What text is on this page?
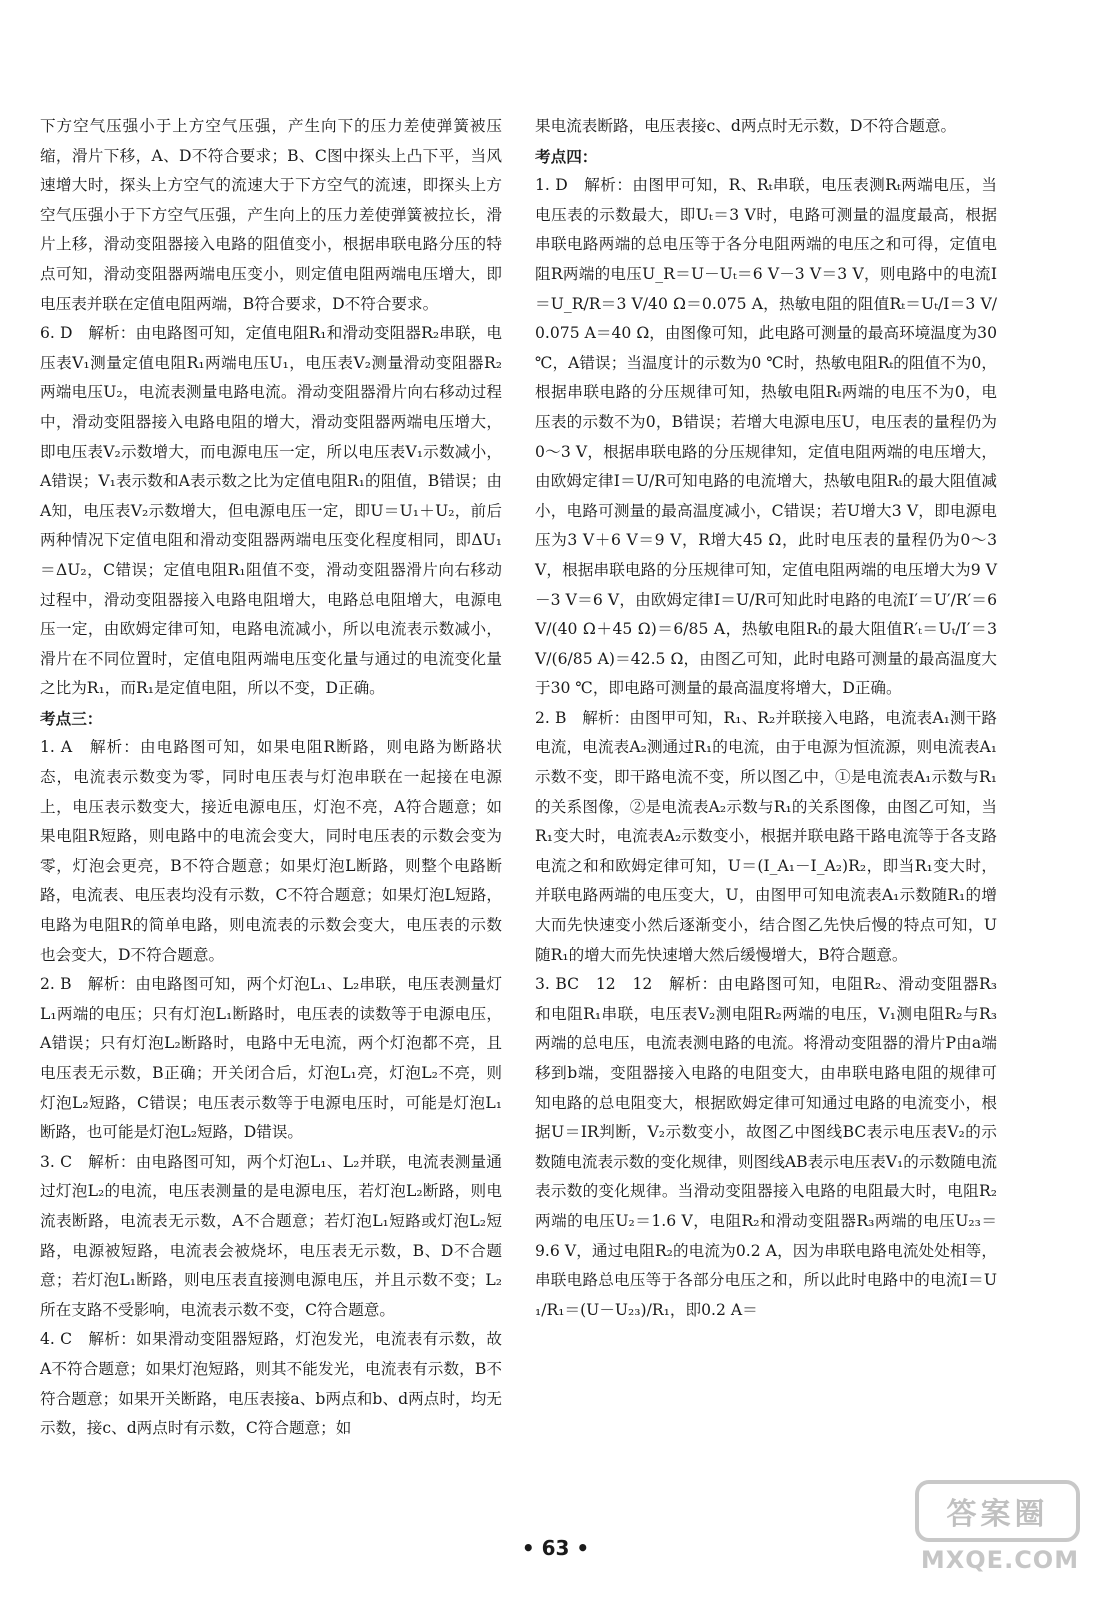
下方空气压强小于上方空气压强，产生向下的压力差使弹簧被压缩，滑片下移，A、D不符合要求；B、C图中探头上凸下平，当风速增大时，探头上方空气的流速大于下方空气的流速，即探头上方空气压强小于下方空气压强，产生向上的压力差使弹簧被拉长，滑片上移，滑动变阻器接入电路的阻值变小，根据串联电路分压的特点可知，滑动变阻器两端电压变小，则定值电阻两端电压增大，即电压表并联在定值电阻两端，B符合要求，D不符合要求。

6. D　解析：由电路图可知，定值电阻R₁和滑动变阻器R₂串联，电压表V₁测量定值电阻R₁两端电压U₁，电压表V₂测量滑动变阻器R₂两端电压U₂，电流表测量电路电流。滑动变阻器滑片向右移动过程中，滑动变阻器接入电路电阻的增大，滑动变阻器两端电压增大，即电压表V₂示数增大，而电源电压一定，所以电压表V₁示数减小，A错误；V₁表示数和A表示数之比为定值电阻R₁的阻值，B错误；由A知，电压表V₂示数增大，但电源电压一定，即U＝U₁＋U₂，前后两种情况下定值电阻和滑动变阻器两端电压变化程度相同，即ΔU₁＝ΔU₂，C错误；定值电阻R₁阻值不变，滑动变阻器滑片向右移动过程中，滑动变阻器接入电路电阻增大，电路总电阻增大，电源电压一定，由欧姆定律可知，电路电流减小，所以电流表示数减小，滑片在不同位置时，定值电阻两端电压变化量与通过的电流变化量之比为R₁，而R₁是定值电阻，所以不变，D正确。

考点三：

1. A　解析：由电路图可知，如果电阻R断路，则电路为断路状态，电流表示数变为零，同时电压表与灯泡串联在一起接在电源上，电压表示数变大，接近电源电压，灯泡不亮，A符合题意；如果电阻R短路，则电路中的电流会变大，同时电压表的示数会变为零，灯泡会更亮，B不符合题意；如果灯泡L断路，则整个电路断路，电流表、电压表均没有示数，C不符合题意；如果灯泡L短路，电路为电阻R的简单电路，则电流表的示数会变大，电压表的示数也会变大，D不符合题意。

2. B　解析：由电路图可知，两个灯泡L₁、L₂串联，电压表测量灯L₁两端的电压；只有灯泡L₁断路时，电压表的读数等于电源电压，A错误；只有灯泡L₂断路时，电路中无电流，两个灯泡都不亮，且电压表无示数，B正确；开关闭合后，灯泡L₁亮，灯泡L₂不亮，则灯泡L₂短路，C错误；电压表示数等于电源电压时，可能是灯泡L₁断路，也可能是灯泡L₂短路，D错误。

3. C　解析：由电路图可知，两个灯泡L₁、L₂并联，电流表测量通过灯泡L₂的电流，电压表测量的是电源电压，若灯泡L₂断路，则电流表断路，电流表无示数，A不合题意；若灯泡L₁短路或灯泡L₂短路，电源被短路，电流表会被烧坏，电压表无示数，B、D不合题意；若灯泡L₁断路，则电压表直接测电源电压，并且示数不变；L₂所在支路不受影响，电流表示数不变，C符合题意。

4. C　解析：如果滑动变阻器短路，灯泡发光，电流表有示数，故A不符合题意；如果灯泡短路，则其不能发光，电流表有示数，B不符合题意；如果开关断路，电压表接a、b两点和b、d两点时，均无示数，接c、d两点时有示数，C符合题意；如

果电流表断路，电压表接c、d两点时无示数，D不符合题意。

考点四：

1. D　解析：由图甲可知，R、Rₜ串联，电压表测Rₜ两端电压，当电压表的示数最大，即Uₜ＝3 V时，电路可测量的温度最高，根据串联电路两端的总电压等于各分电阻两端的电压之和可得，定值电阻R两端的电压U_R＝U－Uₜ＝6 V－3 V＝3 V，则电路中的电流I＝U_R/R＝3 V/40 Ω＝0.075 A，热敏电阻的阻值Rₜ＝Uₜ/I＝3 V/0.075 A＝40 Ω，由图像可知，此电路可测量的最高环境温度为30 ℃，A错误；当温度计的示数为0 ℃时，热敏电阻Rₜ的阻值不为0，根据串联电路的分压规律可知，热敏电阻Rₜ两端的电压不为0，电压表的示数不为0，B错误；若增大电源电压U，电压表的量程仍为0～3 V，根据串联电路的分压规律知，定值电阻两端的电压增大，由欧姆定律I＝U/R可知电路的电流增大，热敏电阻Rₜ的最大阻值减小，电路可测量的最高温度减小，C错误；若U增大3 V，即电源电压为3 V＋6 V＝9 V，R增大45 Ω，此时电压表的量程仍为0～3 V，根据串联电路的分压规律可知，定值电阻两端的电压增大为9 V－3 V＝6 V，由欧姆定律I＝U/R可知此时电路的电流I′＝U′/R′＝6 V/(40 Ω＋45 Ω)＝6/85 A，热敏电阻Rₜ的最大阻值R′ₜ＝Uₜ/I′＝3 V/(6/85 A)＝42.5 Ω，由图乙可知，此时电路可测量的最高温度大于30 ℃，即电路可测量的最高温度将增大，D正确。

2. B　解析：由图甲可知，R₁、R₂并联接入电路，电流表A₁测干路电流，电流表A₂测通过R₁的电流，由于电源为恒流源，则电流表A₁示数不变，即干路电流不变，所以图乙中，①是电流表A₁示数与R₁的关系图像，②是电流表A₂示数与R₁的关系图像，由图乙可知，当R₁变大时，电流表A₂示数变小，根据并联电路干路电流等于各支路电流之和和欧姆定律可知，U＝(I_A₁－I_A₂)R₂，即当R₁变大时，并联电路两端的电压变大，U，由图甲可知电流表A₁示数随R₁的增大而先快速变小然后逐渐变小，结合图乙先快后慢的特点可知，U随R₁的增大而先快速增大然后缓慢增大，B符合题意。

3. BC　12　12　解析：由电路图可知，电阻R₂、滑动变阻器R₃和电阻R₁串联，电压表V₂测电阻R₂两端的电压，V₁测电阻R₂与R₃两端的总电压，电流表测电路的电流。将滑动变阻器的滑片P由a端移到b端，变阻器接入电路的电阻变大，由串联电路电阻的规律可知电路的总电阻变大，根据欧姆定律可知通过电路的电流变小，根据U＝IR判断，V₂示数变小，故图乙中图线BC表示电压表V₂的示数随电流表示数的变化规律，则图线AB表示电压表V₁的示数随电流表示数的变化规律。当滑动变阻器接入电路的电阻最大时，电阻R₂两端的电压U₂＝1.6 V，电阻R₂和滑动变阻器R₃两端的电压U₂₃＝9.6 V，通过电阻R₂的电流为0.2 A，因为串联电路电流处处相等，串联电路总电压等于各部分电压之和，所以此时电路中的电流I＝U₁/R₁＝(U－U₂₃)/R₁，即0.2 A＝

• 63 •
答案圈
MXQE.COM
